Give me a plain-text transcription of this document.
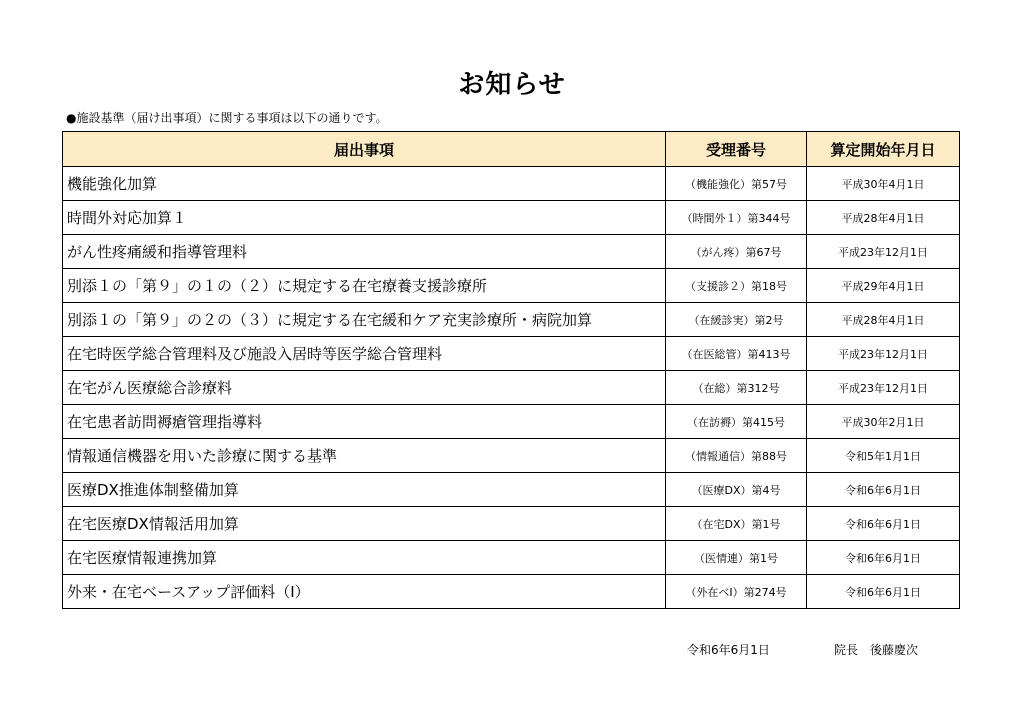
お知らせ
●施設基準（届け出事項）に関する事項は以下の通りです。
届出事項	受理番号	算定開始年月日
機能強化加算	（機能強化）第57号	平成30年4月1日
時間外対応加算１	（時間外１）第344号	平成28年4月1日
がん性疼痛緩和指導管理料	（がん疼）第67号	平成23年12月1日
別添１の「第９」の１の（２）に規定する在宅療養支援診療所	（支援診２）第18号	平成29年4月1日
別添１の「第９」の２の（３）に規定する在宅緩和ケア充実診療所・病院加算	（在緩診実）第2号	平成28年4月1日
在宅時医学総合管理料及び施設入居時等医学総合管理料	（在医総管）第413号	平成23年12月1日
在宅がん医療総合診療料	（在総）第312号	平成23年12月1日
在宅患者訪問褥瘡管理指導料	（在訪褥）第415号	平成30年2月1日
情報通信機器を用いた診療に関する基準	（情報通信）第88号	令和5年1月1日
医療DX推進体制整備加算	（医療DX）第4号	令和6年6月1日
在宅医療DX情報活用加算	（在宅DX）第1号	令和6年6月1日
在宅医療情報連携加算	（医情連）第1号	令和6年6月1日
外来・在宅ベースアップ評価料（Ⅰ）	（外在ベⅠ）第274号	令和6年6月1日
令和6年6月1日	院長 後藤慶次
